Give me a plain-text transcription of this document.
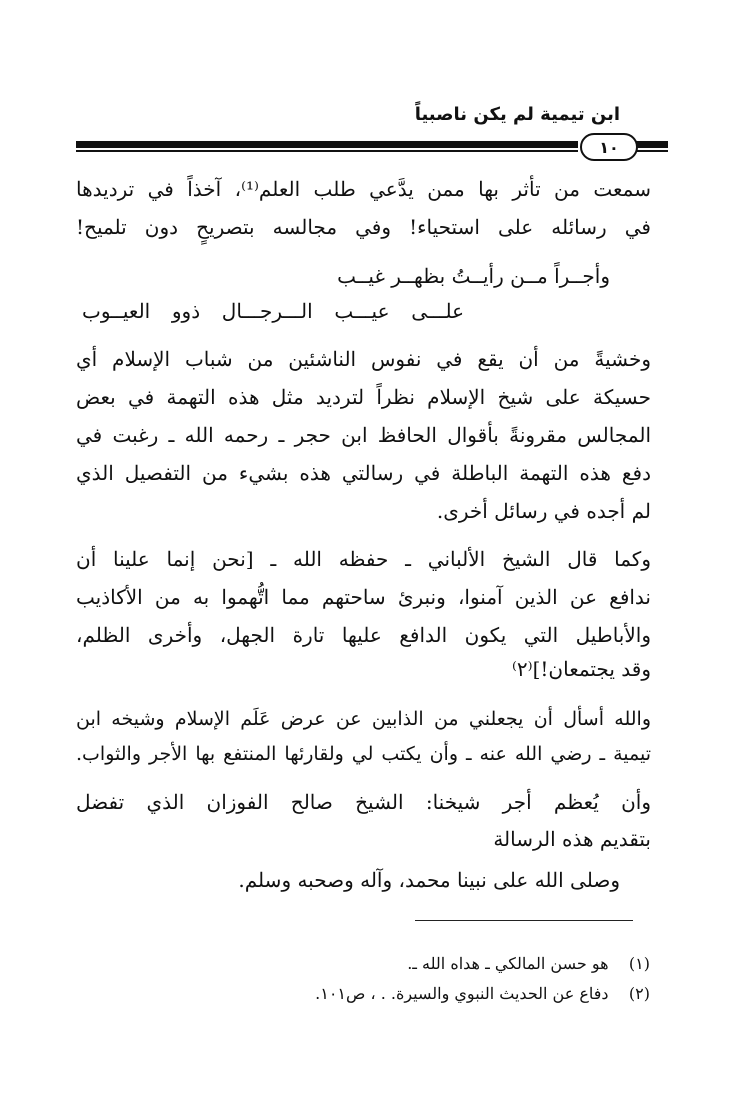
ابن تيمية لم يكن ناصبياً
١٠
سمعت من تأثر بها ممن يدَّعي طلب العلم⁽¹⁾، آخذاً في ترديدها
في رسائله على استحياء! وفي مجالسه بتصريحٍ دون تلميح!
وأجــراً مــن رأيــتُ بظهــر غيــب
علـــى عيـــب الـــرجـــال ذوو العيــوب
وخشيةً من أن يقع في نفوس الناشئين من شباب الإسلام أي
حسيكة على شيخ الإسلام نظراً لترديد مثل هذه التهمة في بعض
المجالس مقرونةً بأقوال الحافظ ابن حجر ـ رحمه الله ـ رغبت في
دفع هذه التهمة الباطلة في رسالتي هذه بشيء من التفصيل الذي
لم أجده في رسائل أخرى.
وكما قال الشيخ الألباني ـ حفظه الله ـ [نحن إنما علينا أن
ندافع عن الذين آمنوا، ونبرئ ساحتهم مما اتُّهموا به من الأكاذيب
والأباطيل التي يكون الدافع عليها تارة الجهل، وأخرى الظلم،
وقد يجتمعان!]⁽٢⁾
والله أسأل أن يجعلني من الذابين عن عرض عَلَم الإسلام وشيخه ابن
تيمية ـ رضي الله عنه ـ وأن يكتب لي ولقارئها المنتفع بها الأجر والثواب.
وأن يُعظم أجر شيخنا: الشيخ صالح الفوزان الذي تفضل
بتقديم هذه الرسالة
وصلى الله على نبينا محمد، وآله وصحبه وسلم.
(١)    هو حسن المالكي ـ هداه الله ـ.
(٢)    دفاع عن الحديث النبوي والسيرة. . ، ص١٠١.
